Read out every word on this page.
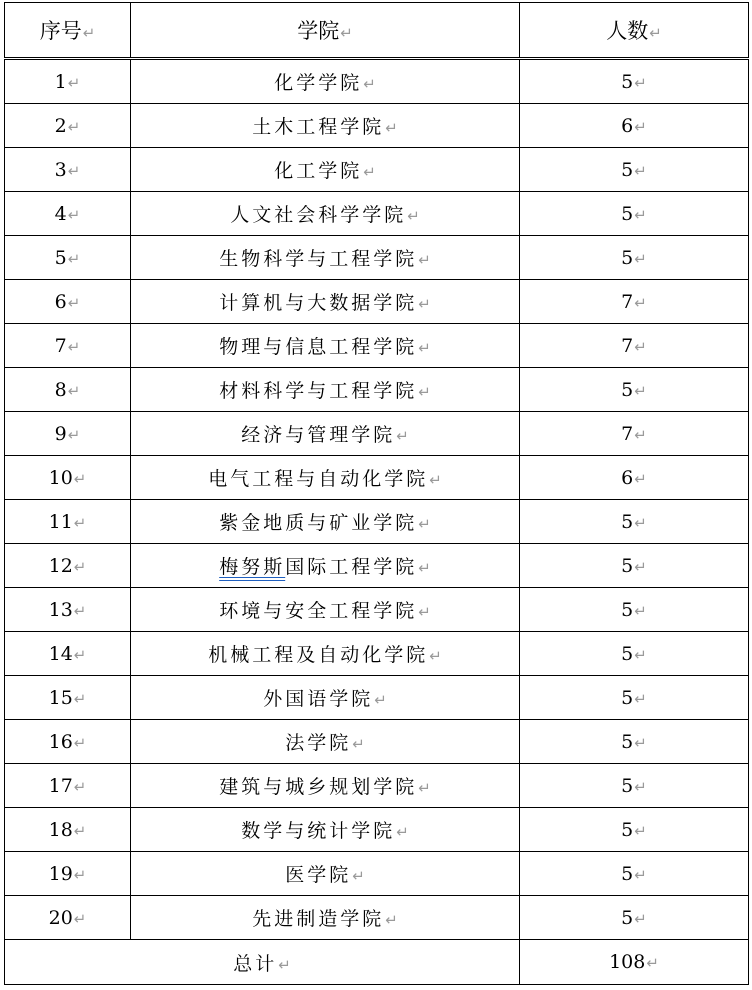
序号↵	学院↵	人数↵
1↵	化学学院↵	5↵
2↵	土木工程学院↵	6↵
3↵	化工学院↵	5↵
4↵	人文社会科学学院↵	5↵
5↵	生物科学与工程学院↵	5↵
6↵	计算机与大数据学院↵	7↵
7↵	物理与信息工程学院↵	7↵
8↵	材料科学与工程学院↵	5↵
9↵	经济与管理学院↵	7↵
10↵	电气工程与自动化学院↵	6↵
11↵	紫金地质与矿业学院↵	5↵
12↵	梅努斯国际工程学院↵	5↵
13↵	环境与安全工程学院↵	5↵
14↵	机械工程及自动化学院↵	5↵
15↵	外国语学院↵	5↵
16↵	法学院↵	5↵
17↵	建筑与城乡规划学院↵	5↵
18↵	数学与统计学院↵	5↵
19↵	医学院↵	5↵
20↵	先进制造学院↵	5↵
总计↵		108↵
